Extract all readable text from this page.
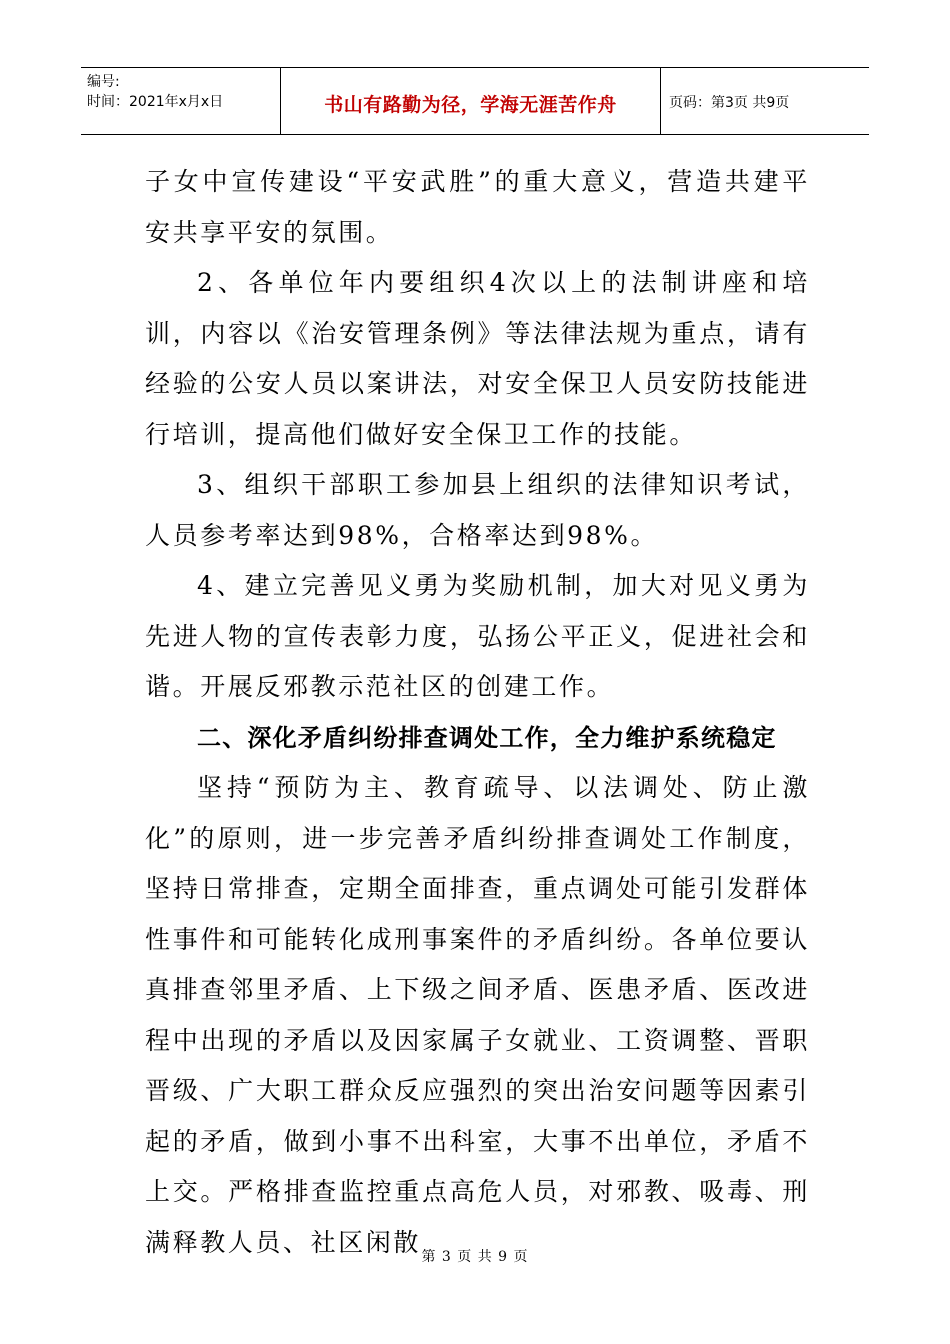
编号:
时间：2021年x月x日	书山有路勤为径，学海无涯苦作舟	页码：第3页 共9页

子女中宣传建设“平安武胜”的重大意义，营造共建平安共享平安的氛围。

2、各单位年内要组织4次以上的法制讲座和培训，内容以《治安管理条例》等法律法规为重点，请有经验的公安人员以案讲法，对安全保卫人员安防技能进行培训，提高他们做好安全保卫工作的技能。

3、组织干部职工参加县上组织的法律知识考试，人员参考率达到98%，合格率达到98%。

4、建立完善见义勇为奖励机制，加大对见义勇为先进人物的宣传表彰力度，弘扬公平正义，促进社会和谐。开展反邪教示范社区的创建工作。

二、深化矛盾纠纷排查调处工作，全力维护系统稳定

坚持“预防为主、教育疏导、以法调处、防止激化”的原则，进一步完善矛盾纠纷排查调处工作制度，坚持日常排查，定期全面排查，重点调处可能引发群体性事件和可能转化成刑事案件的矛盾纠纷。各单位要认真排查邻里矛盾、上下级之间矛盾、医患矛盾、医改进程中出现的矛盾以及因家属子女就业、工资调整、晋职晋级、广大职工群众反应强烈的突出治安问题等因素引起的矛盾，做到小事不出科室，大事不出单位，矛盾不上交。严格排查监控重点高危人员，对邪教、吸毒、刑满释教人员、社区闲散

第 3 页 共 9 页
